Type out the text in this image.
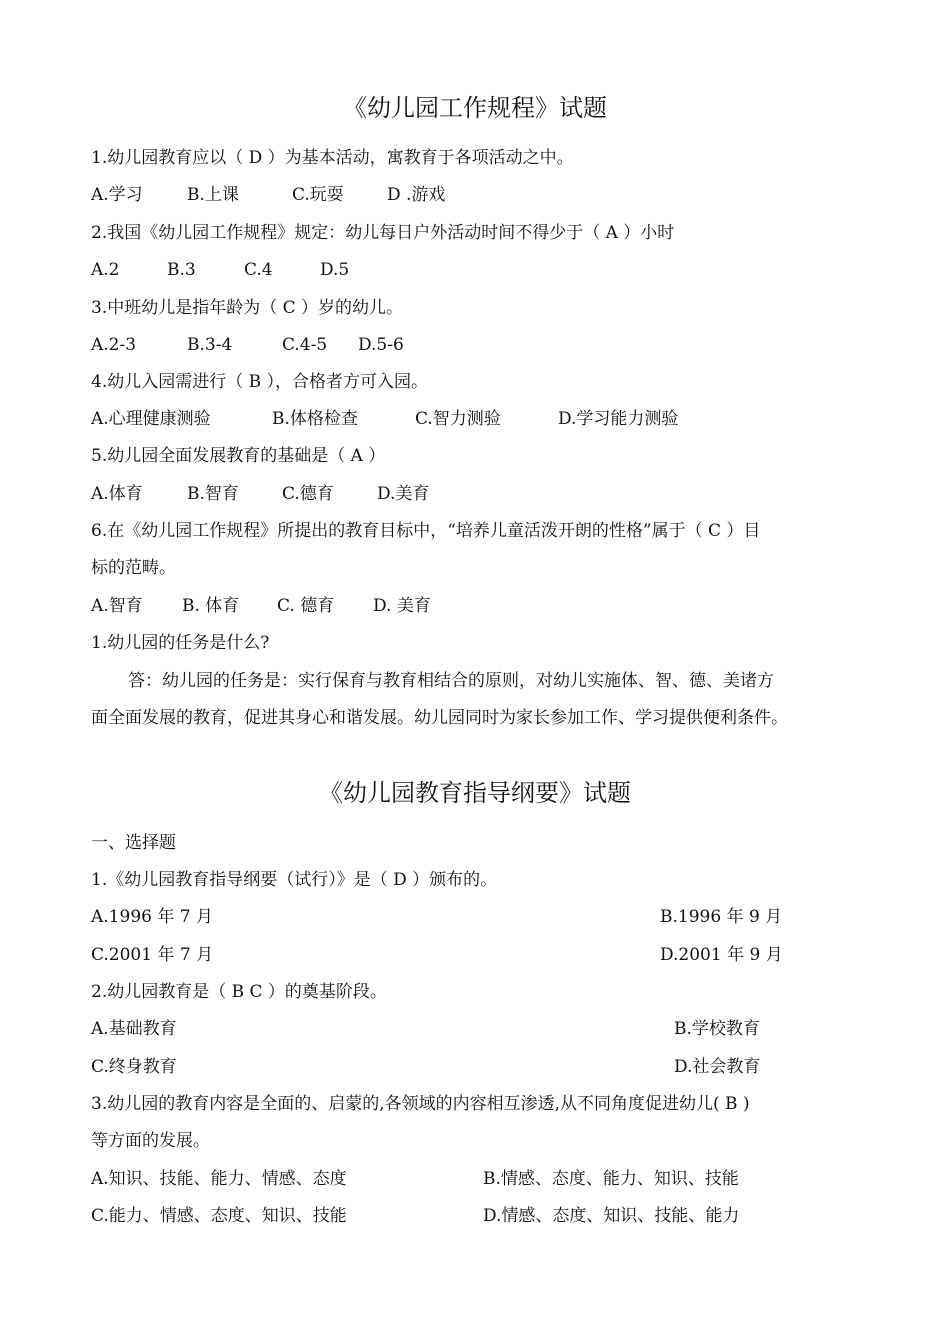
《幼儿园工作规程》试题
1.幼儿园教育应以（ D ）为基本活动，寓教育于各项活动之中。
A.学习	B.上课	C.玩耍	D .游戏
2.我国《幼儿园工作规程》规定：幼儿每日户外活动时间不得少于（ A ）小时
A.2	B.3	C.4	D.5
3.中班幼儿是指年龄为（ C ）岁的幼儿。
A.2-3	B.3-4	C.4-5 D.5-6
4.幼儿入园需进行（ B ），合格者方可入园。
A.心理健康测验	B.体格检查	C.智力测验	D.学习能力测验
5.幼儿园全面发展教育的基础是（ A ）
A.体育	B.智育	C.德育	D.美育
6.在《幼儿园工作规程》所提出的教育目标中，“培养儿童活泼开朗的性格”属于（ C ）目
标的范畴。
A.智育 B. 体育 C. 德育 D. 美育
1.幼儿园的任务是什么?
答：幼儿园的任务是：实行保育与教育相结合的原则，对幼儿实施体、智、德、美诸方
面全面发展的教育，促进其身心和谐发展。幼儿园同时为家长参加工作、学习提供便利条件。
《幼儿园教育指导纲要》试题
一、选择题
1.《幼儿园教育指导纲要（试行）》是（ D ）颁布的。
A.1996 年 7 月	B.1996 年 9 月
C.2001 年 7 月	D.2001 年 9 月
2.幼儿园教育是（ B C ）的奠基阶段。
A.基础教育	B.学校教育
C.终身教育	D.社会教育
3.幼儿园的教育内容是全面的、启蒙的,各领域的内容相互渗透,从不同角度促进幼儿( B )
等方面的发展。
A.知识、技能、能力、情感、态度	B.情感、态度、能力、知识、技能
C.能力、情感、态度、知识、技能	D.情感、态度、知识、技能、能力
